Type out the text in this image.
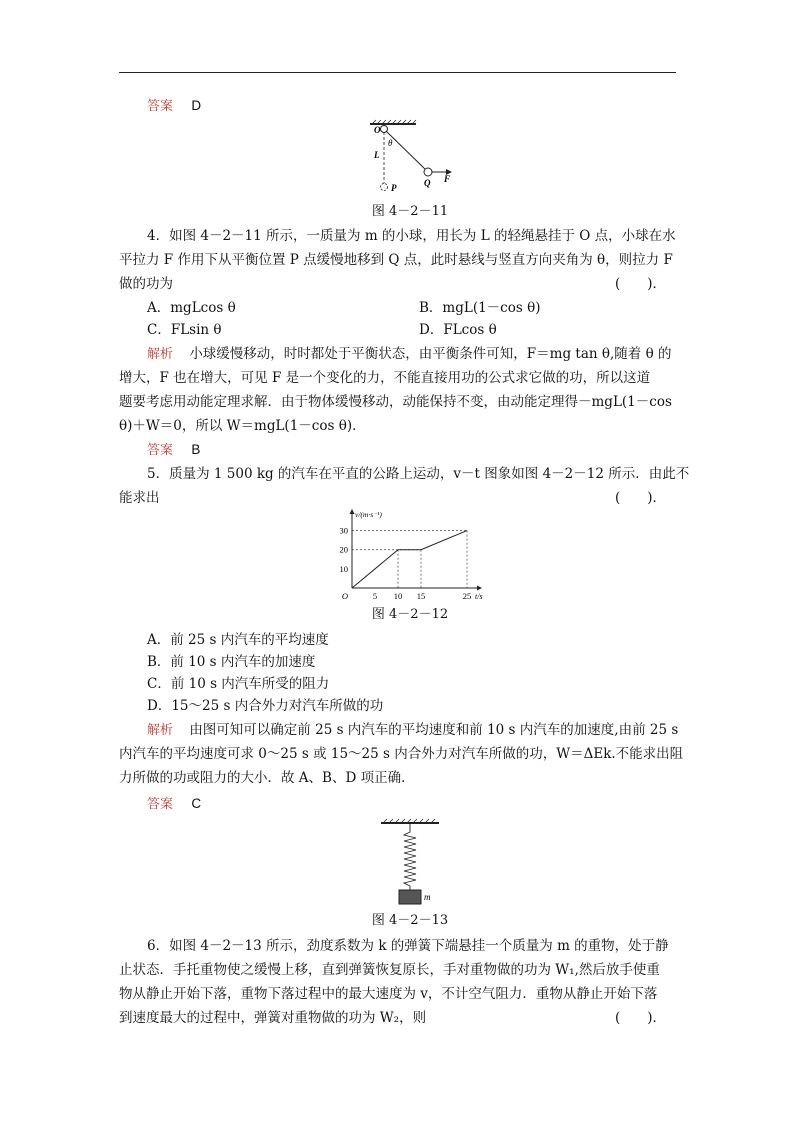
答案 D
O
θ
L
Q F
P
图 4－2－11
4．如图 4－2－11 所示，一质量为 m 的小球，用长为 L 的轻绳悬挂于 O 点，小球在水
平拉力 F 作用下从平衡位置 P 点缓慢地移到 Q 点，此时悬线与竖直方向夹角为 θ，则拉力 F
做的功为	(　　)．
A．mgLcos θ	B．mgL(1－cos θ)
C．FLsin θ	D．FLcos θ
解析 小球缓慢移动，时时都处于平衡状态，由平衡条件可知，F＝mg tan θ,随着 θ 的
增大，F 也在增大，可见 F 是一个变化的力，不能直接用功的公式求它做的功，所以这道
题要考虑用动能定理求解．由于物体缓慢移动，动能保持不变，由动能定理得－mgL(1－cos
θ)＋W＝0，所以 W＝mgL(1－cos θ)．
答案 B
5．质量为 1 500 kg 的汽车在平直的公路上运动，v－t 图象如图 4－2－12 所示．由此不
能求出	(　　)．
5 10 15	25
10
20
30
O	t/s
v/(m·s⁻¹)
图 4－2－12
A．前 25 s 内汽车的平均速度
B．前 10 s 内汽车的加速度
C．前 10 s 内汽车所受的阻力
D．15～25 s 内合外力对汽车所做的功
解析 由图可知可以确定前 25 s 内汽车的平均速度和前 10 s 内汽车的加速度,由前 25 s
内汽车的平均速度可求 0～25 s 或 15～25 s 内合外力对汽车所做的功，W＝ΔEk.不能求出阻
力所做的功或阻力的大小．故 A、B、D 项正确．
答案 C
m
图 4－2－13
6．如图 4－2－13 所示，劲度系数为 k 的弹簧下端悬挂一个质量为 m 的重物，处于静
止状态．手托重物使之缓慢上移，直到弹簧恢复原长，手对重物做的功为 W₁,然后放手使重
物从静止开始下落，重物下落过程中的最大速度为 v，不计空气阻力．重物从静止开始下落
到速度最大的过程中，弹簧对重物做的功为 W₂，则	(　　)．
